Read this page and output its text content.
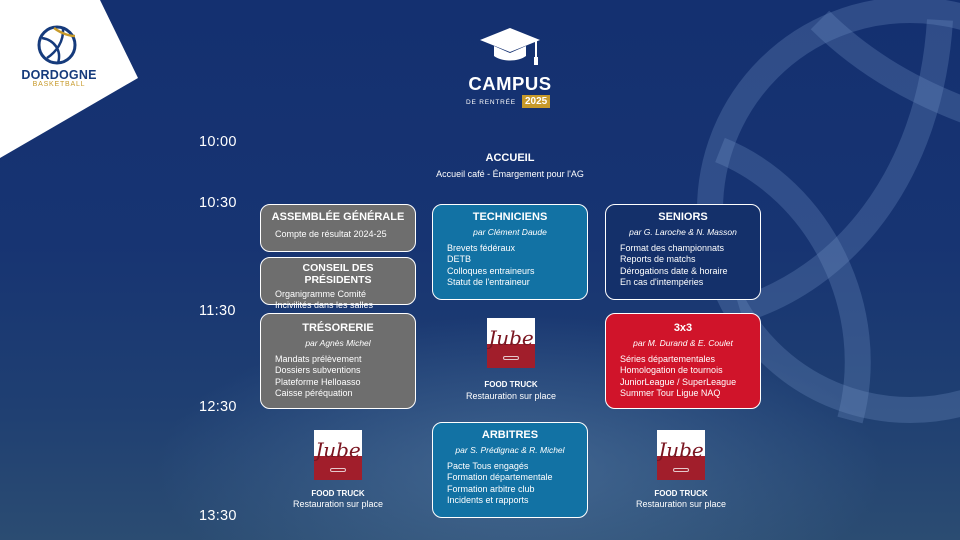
DORDOGNE
BASKETBALL	CAMPUS
DE RENTRÉE 2025
10:00
10:30
11:30
12:30
13:30
ACCUEIL
Accueil café - Émargement pour l'AG
ASSEMBLÉE GÉNÉRALE
Compte de résultat 2024-25
CONSEIL DES PRÉSIDENTS
Organigramme Comité
Incivilités dans les salles
TRÉSORERIE
par Agnès Michel
Mandats prélèvement
Dossiers subventions
Plateforme Helloasso
Caisse péréquation
TECHNICIENS
par Clément Daude
Brevets fédéraux
DETB
Colloques entraineurs
Statut de l'entraineur
ARBITRES
par S. Prédignac & R. Michel
Pacte Tous engagés
Formation départementale
Formation arbitre club
Incidents et rapports
SENIORS
par G. Laroche & N. Masson
Format des championnats
Reports de matchs
Dérogations date & horaire
En cas d'intempéries
3x3
par M. Durand & E. Coulet
Séries départementales
Homologation de tournois
JuniorLeague / SuperLeague
Summer Tour Ligue NAQ
Jube
FOOD TRUCK
Restauration sur place
Jube
FOOD TRUCK
Restauration sur place
Jube
FOOD TRUCK
Restauration sur place
